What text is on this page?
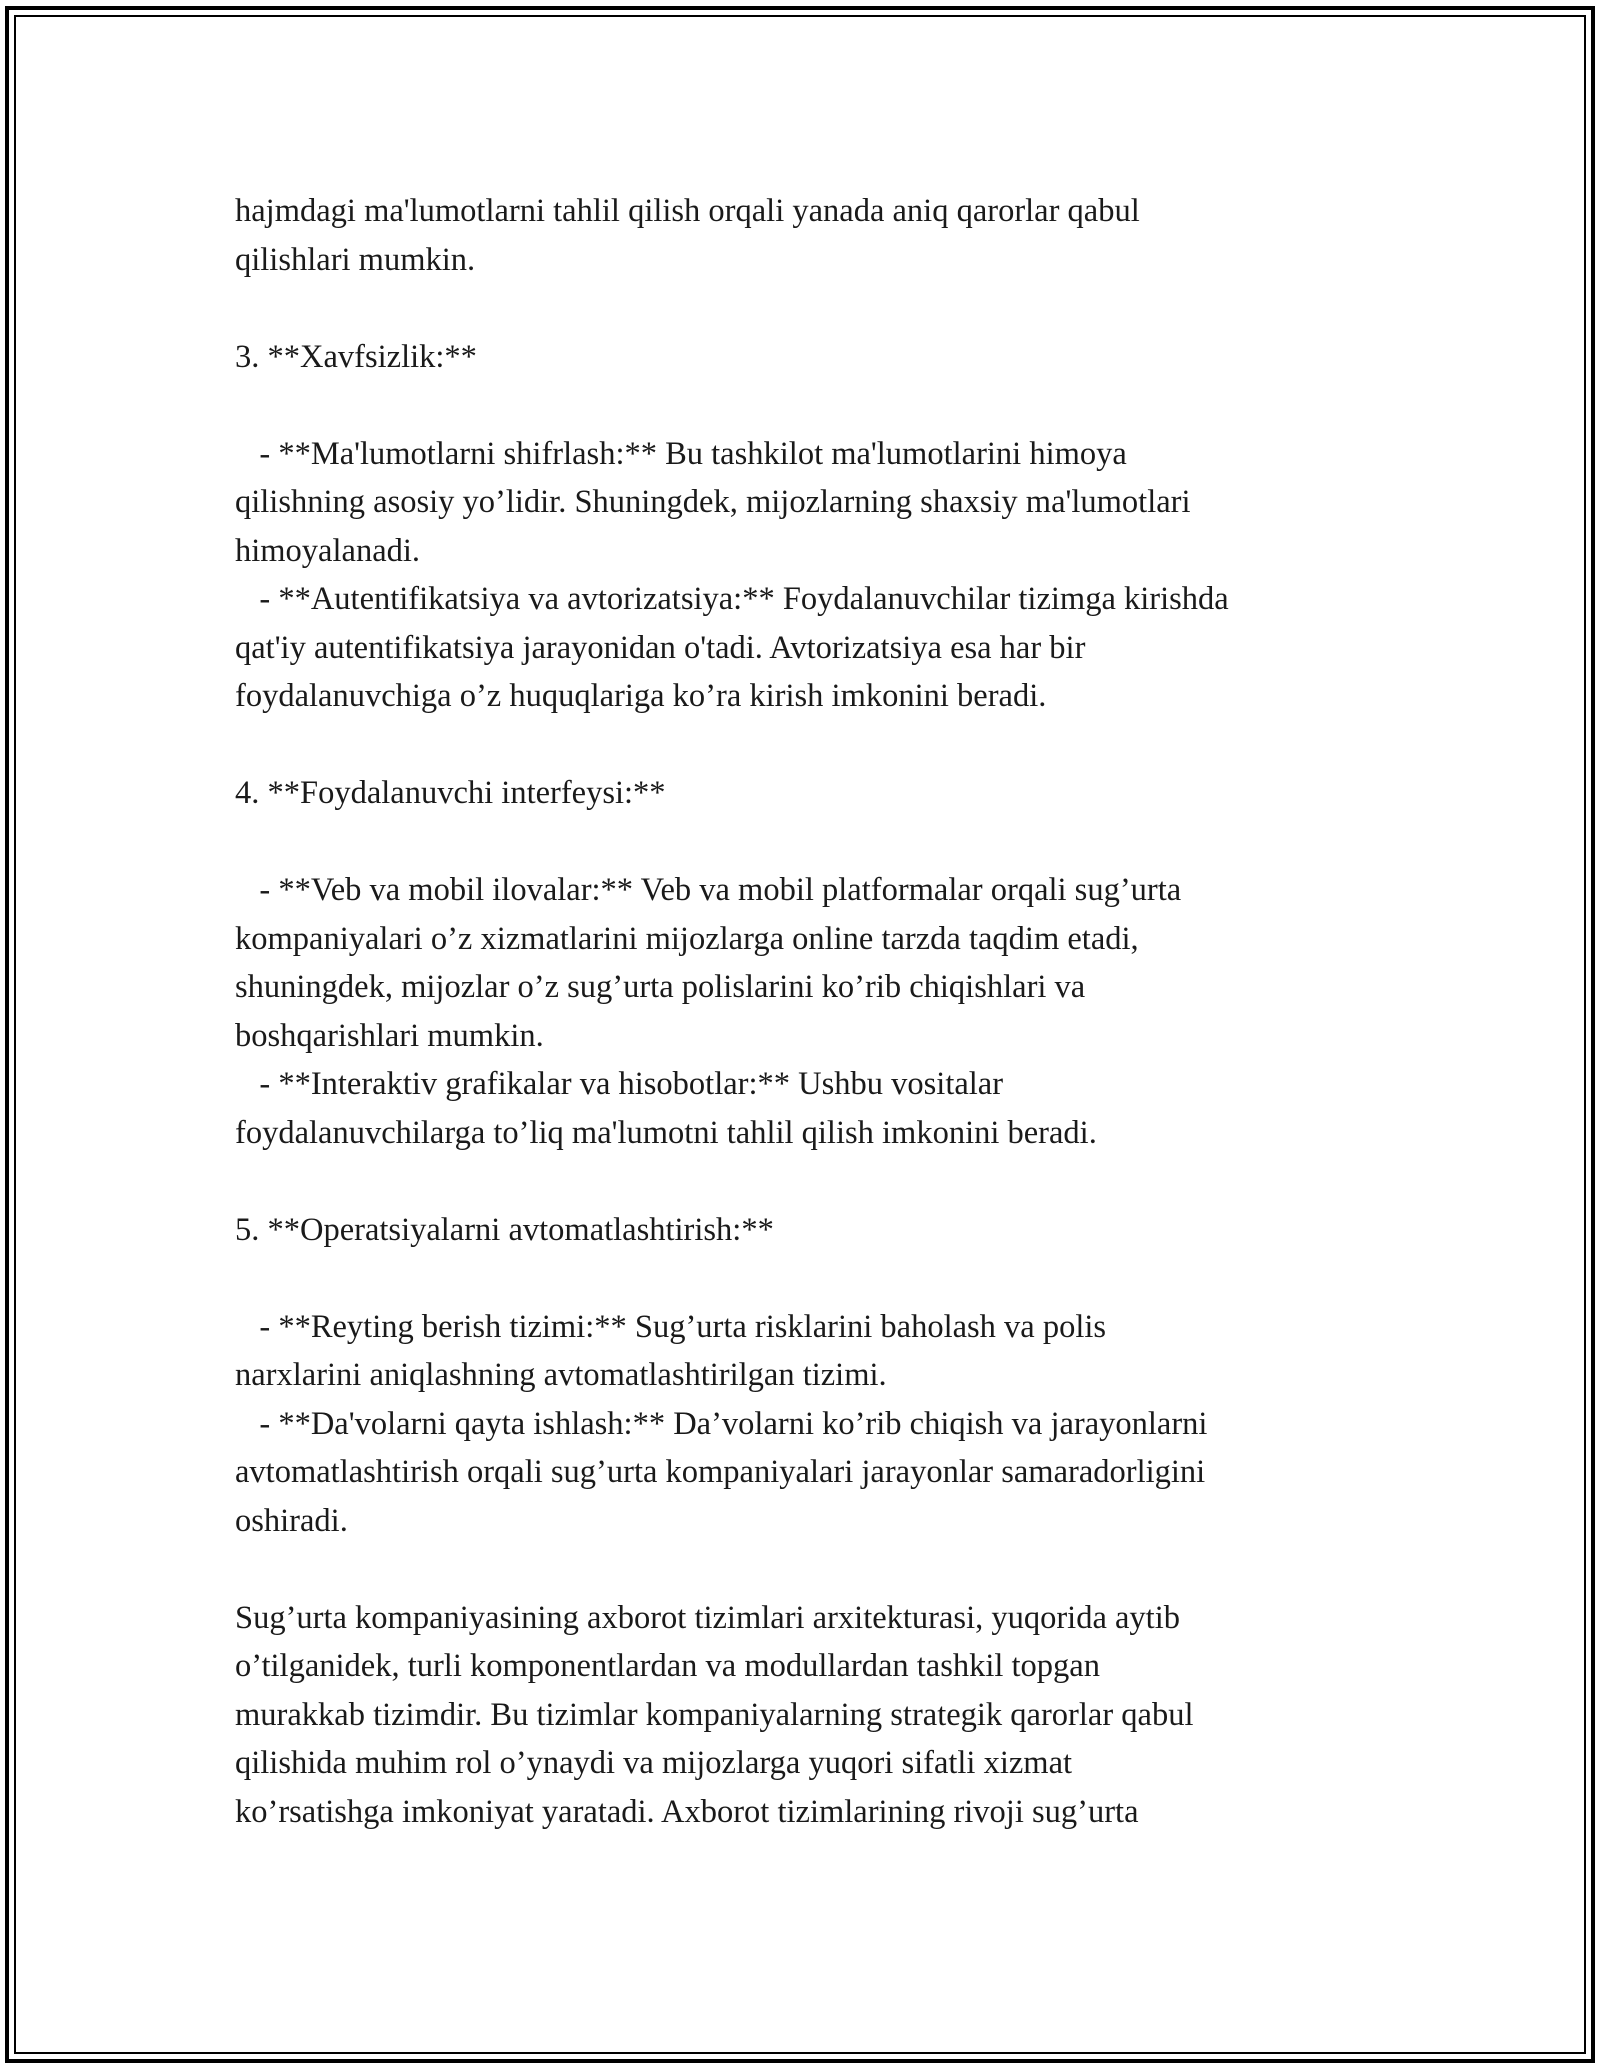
hajmdagi ma'lumotlarni tahlil qilish orqali yanada aniq qarorlar qabul
qilishlari mumkin.
3. **Xavfsizlik:**
- **Ma'lumotlarni shifrlash:** Bu tashkilot ma'lumotlarini himoya
qilishning asosiy yo’lidir. Shuningdek, mijozlarning shaxsiy ma'lumotlari
himoyalanadi.
- **Autentifikatsiya va avtorizatsiya:** Foydalanuvchilar tizimga kirishda
qat'iy autentifikatsiya jarayonidan o'tadi. Avtorizatsiya esa har bir
foydalanuvchiga o’z huquqlariga ko’ra kirish imkonini beradi.
4. **Foydalanuvchi interfeysi:**
- **Veb va mobil ilovalar:** Veb va mobil platformalar orqali sug’urta
kompaniyalari o’z xizmatlarini mijozlarga online tarzda taqdim etadi,
shuningdek, mijozlar o’z sug’urta polislarini ko’rib chiqishlari va
boshqarishlari mumkin.
- **Interaktiv grafikalar va hisobotlar:** Ushbu vositalar
foydalanuvchilarga to’liq ma'lumotni tahlil qilish imkonini beradi.
5. **Operatsiyalarni avtomatlashtirish:**
- **Reyting berish tizimi:** Sug’urta risklarini baholash va polis
narxlarini aniqlashning avtomatlashtirilgan tizimi.
- **Da'volarni qayta ishlash:** Da’volarni ko’rib chiqish va jarayonlarni
avtomatlashtirish orqali sug’urta kompaniyalari jarayonlar samaradorligini
oshiradi.
Sug’urta kompaniyasining axborot tizimlari arxitekturasi, yuqorida aytib
o’tilganidek, turli komponentlardan va modullardan tashkil topgan
murakkab tizimdir. Bu tizimlar kompaniyalarning strategik qarorlar qabul
qilishida muhim rol o’ynaydi va mijozlarga yuqori sifatli xizmat
ko’rsatishga imkoniyat yaratadi. Axborot tizimlarining rivoji sug’urta
